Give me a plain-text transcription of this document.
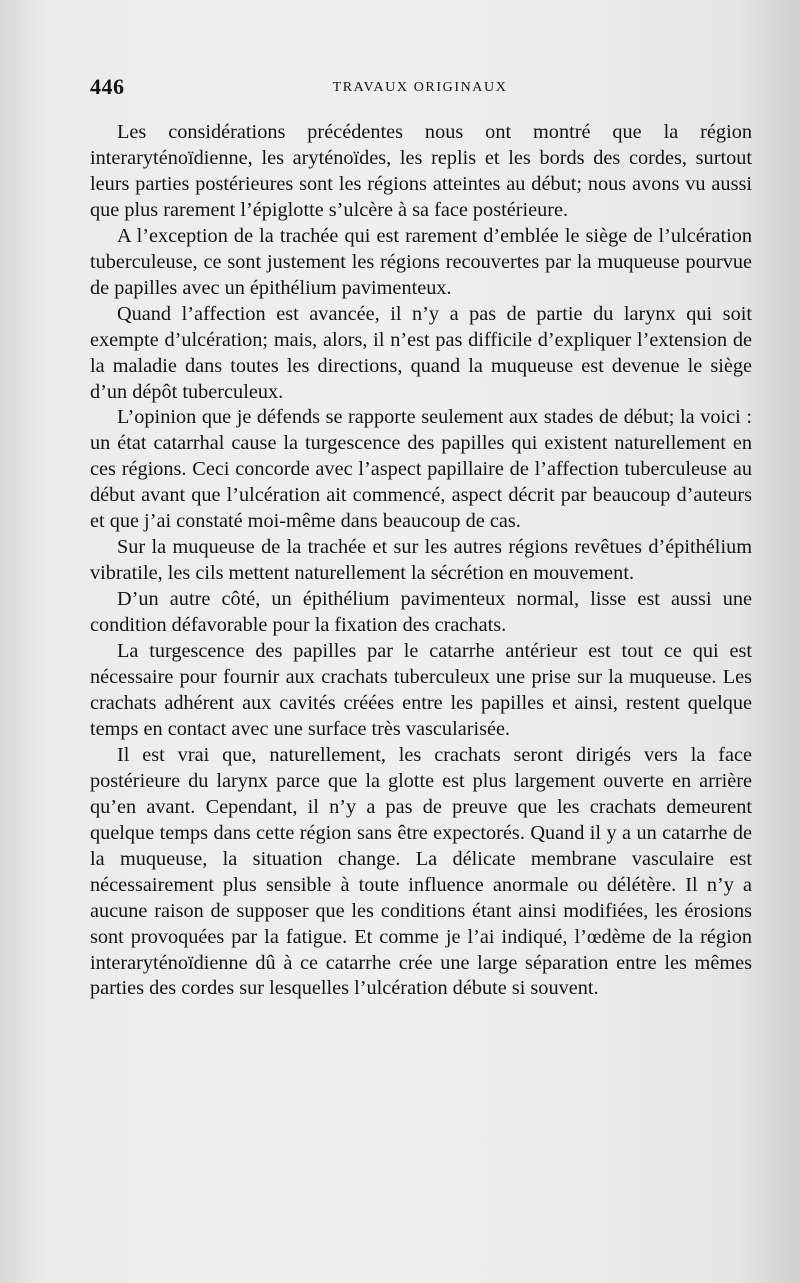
446	TRAVAUX ORIGINAUX

Les considérations précédentes nous ont montré que la région interaryténoïdienne, les aryténoïdes, les replis et les bords des cordes, surtout leurs parties postérieures sont les régions atteintes au début; nous avons vu aussi que plus rarement l’épiglotte s’ulcère à sa face postérieure.

A l’exception de la trachée qui est rarement d’emblée le siège de l’ulcération tuberculeuse, ce sont justement les régions recouvertes par la muqueuse pourvue de papilles avec un épithélium pavimenteux.

Quand l’affection est avancée, il n’y a pas de partie du larynx qui soit exempte d’ulcération; mais, alors, il n’est pas difficile d’expliquer l’extension de la maladie dans toutes les directions, quand la muqueuse est devenue le siège d’un dépôt tuberculeux.

L’opinion que je défends se rapporte seulement aux stades de début; la voici : un état catarrhal cause la turgescence des papilles qui existent naturellement en ces régions. Ceci concorde avec l’aspect papillaire de l’affection tuberculeuse au début avant que l’ulcération ait commencé, aspect décrit par beaucoup d’auteurs et que j’ai constaté moi-même dans beaucoup de cas.

Sur la muqueuse de la trachée et sur les autres régions revêtues d’épithélium vibratile, les cils mettent naturellement la sécrétion en mouvement.

D’un autre côté, un épithélium pavimenteux normal, lisse est aussi une condition défavorable pour la fixation des crachats.

La turgescence des papilles par le catarrhe antérieur est tout ce qui est nécessaire pour fournir aux crachats tuberculeux une prise sur la muqueuse. Les crachats adhérent aux cavités créées entre les papilles et ainsi, restent quelque temps en contact avec une surface très vascularisée.

Il est vrai que, naturellement, les crachats seront dirigés vers la face postérieure du larynx parce que la glotte est plus largement ouverte en arrière qu’en avant. Cependant, il n’y a pas de preuve que les crachats demeurent quelque temps dans cette région sans être expectorés. Quand il y a un catarrhe de la muqueuse, la situation change. La délicate membrane vasculaire est nécessairement plus sensible à toute influence anormale ou délétère. Il n’y a aucune raison de supposer que les conditions étant ainsi modifiées, les érosions sont provoquées par la fatigue. Et comme je l’ai indiqué, l’œdème de la région interaryténoïdienne dû à ce catarrhe crée une large séparation entre les mêmes parties des cordes sur lesquelles l’ulcération débute si souvent.
